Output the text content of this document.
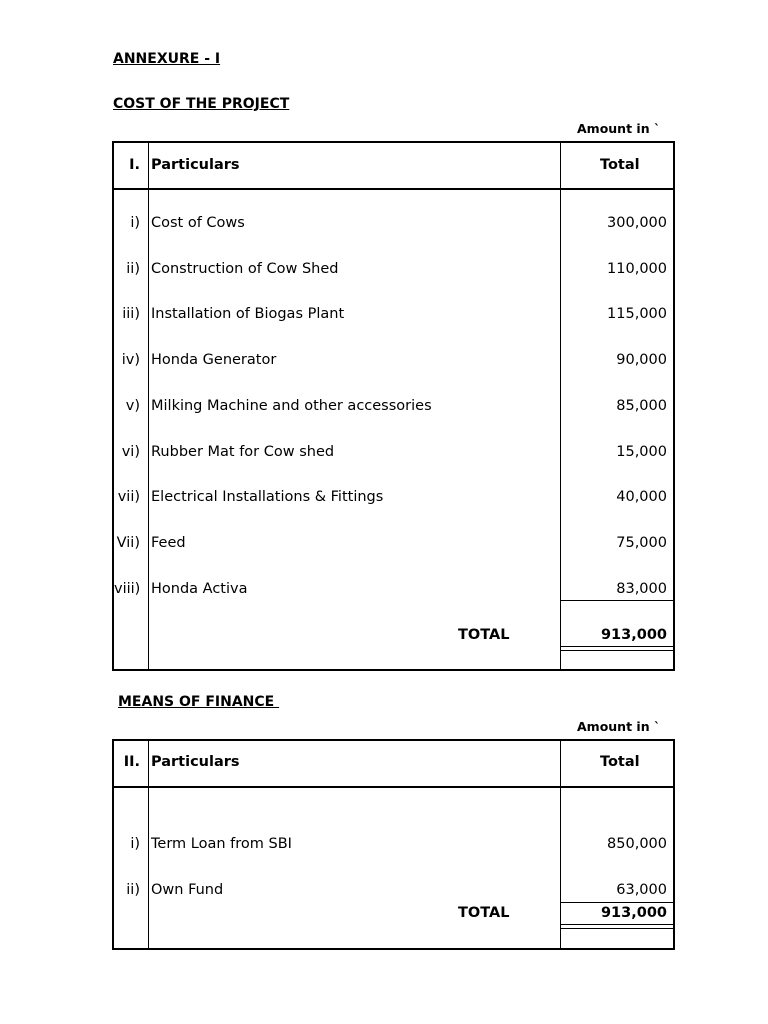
ANNEXURE - I
COST OF THE PROJECT
Amount in `
I. Particulars	Total
i) Cost of Cows	300,000
ii) Construction of Cow Shed	110,000
iii) Installation of Biogas Plant	115,000
iv) Honda Generator	90,000
v) Milking Machine and other accessories	85,000
vi) Rubber Mat for Cow shed	15,000
vii) Electrical Installations & Fittings	40,000
Vii) Feed	75,000
viii) Honda Activa	83,000
TOTAL	913,000
MEANS OF FINANCE
Amount in `
II. Particulars	Total
i) Term Loan from SBI	850,000
ii) Own Fund	63,000
TOTAL	913,000
